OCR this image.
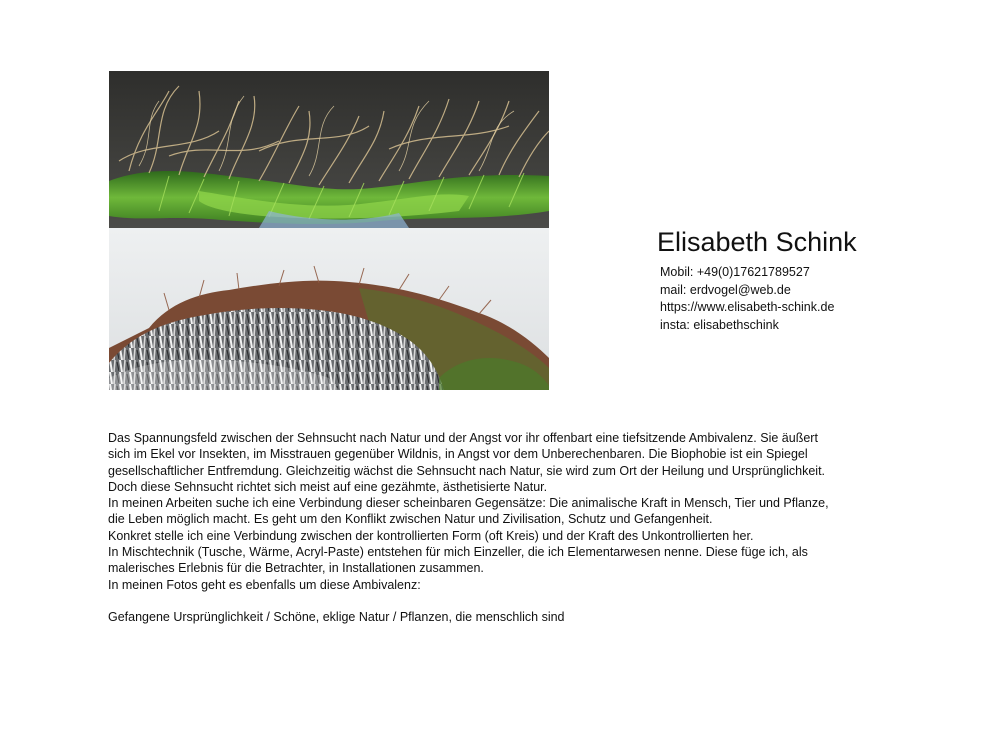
Elisabeth Schink

Mobil: +49(0)17621789527

mail: erdvogel@web.de

https://www.elisabeth-schink.de

insta: elisabethschink

Das Spannungsfeld zwischen der Sehnsucht nach Natur und der Angst vor ihr offenbart eine tiefsitzende Ambivalenz. Sie äußert

sich im Ekel vor Insekten, im Misstrauen gegenüber Wildnis, in Angst vor dem Unberechenbaren. Die Biophobie ist ein Spiegel

gesellschaftlicher Entfremdung. Gleichzeitig wächst die Sehnsucht nach Natur, sie wird zum Ort der Heilung und Ursprünglichkeit.

Doch diese Sehnsucht richtet sich meist auf eine gezähmte, ästhetisierte Natur.

In meinen Arbeiten suche ich eine Verbindung dieser scheinbaren Gegensätze: Die animalische Kraft in Mensch, Tier und Pflanze,

die Leben möglich macht. Es geht um den Konflikt zwischen Natur und Zivilisation, Schutz und Gefangenheit.

Konkret stelle ich eine Verbindung zwischen der kontrollierten Form (oft Kreis) und der Kraft des Unkontrollierten her.

In Mischtechnik (Tusche, Wärme, Acryl-Paste) entstehen für mich Einzeller, die ich Elementarwesen nenne. Diese füge ich, als

malerisches Erlebnis für die Betrachter, in Installationen zusammen.

In meinen Fotos geht es ebenfalls um diese Ambivalenz:

Gefangene Ursprünglichkeit / Schöne, eklige Natur / Pflanzen, die menschlich sind
